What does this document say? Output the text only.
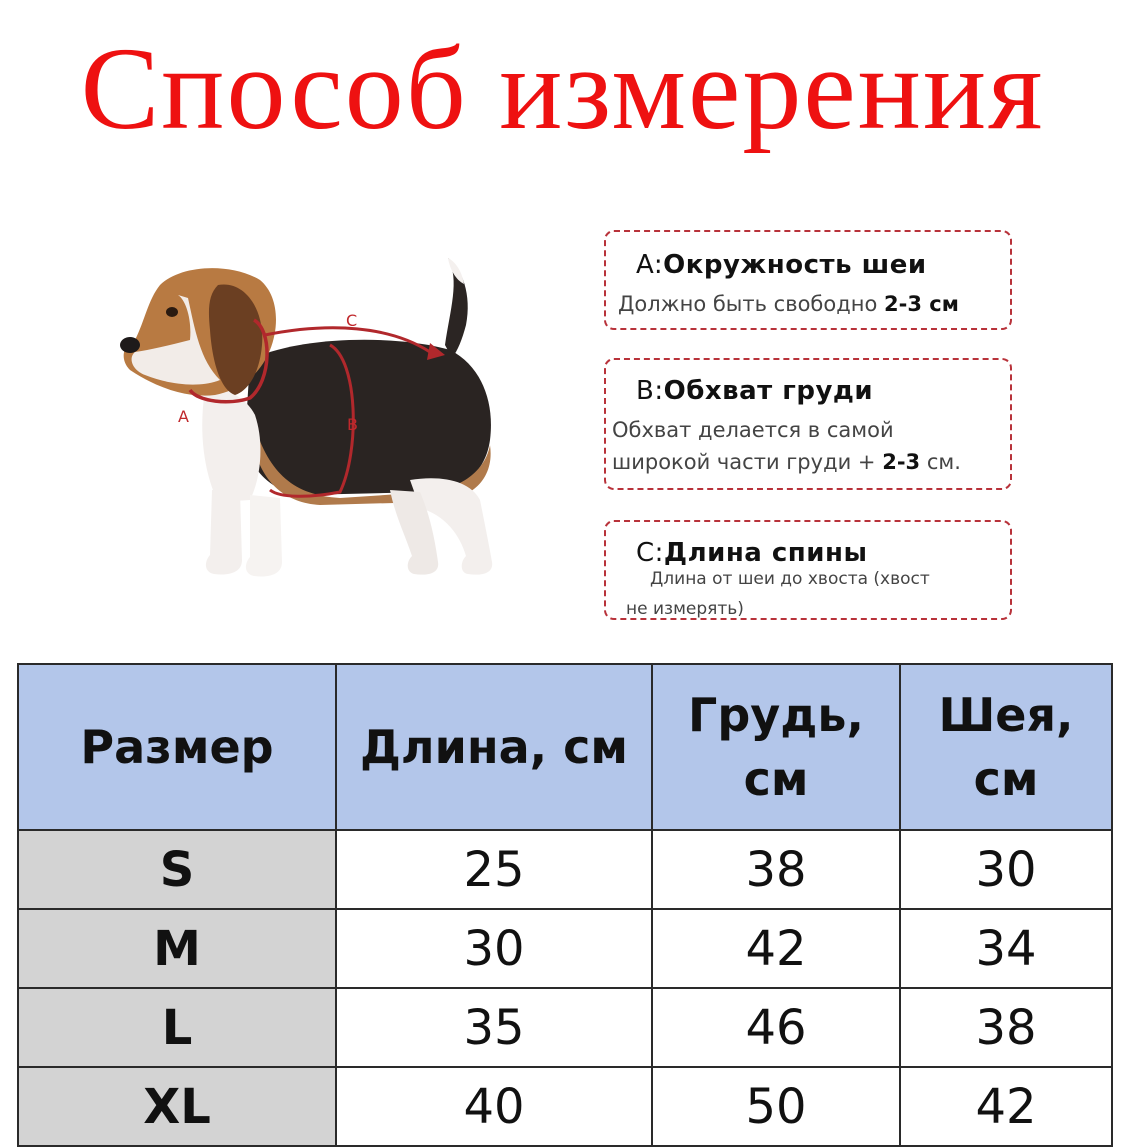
Способ измерения
A	B
C
A:Окружность шеи
Должно быть свободно 2-3 см
B:Обхват груди
Обхват делается в самой
широкой части груди + 2-3 см.
C:Длина спины
Длина от шеи до хвоста (хвост
не измерять)
Размер	Длина, см	Грудь, см	Шея, см
S	25	38	30
M	30	42	34
L	35	46	38
XL	40	50	42
